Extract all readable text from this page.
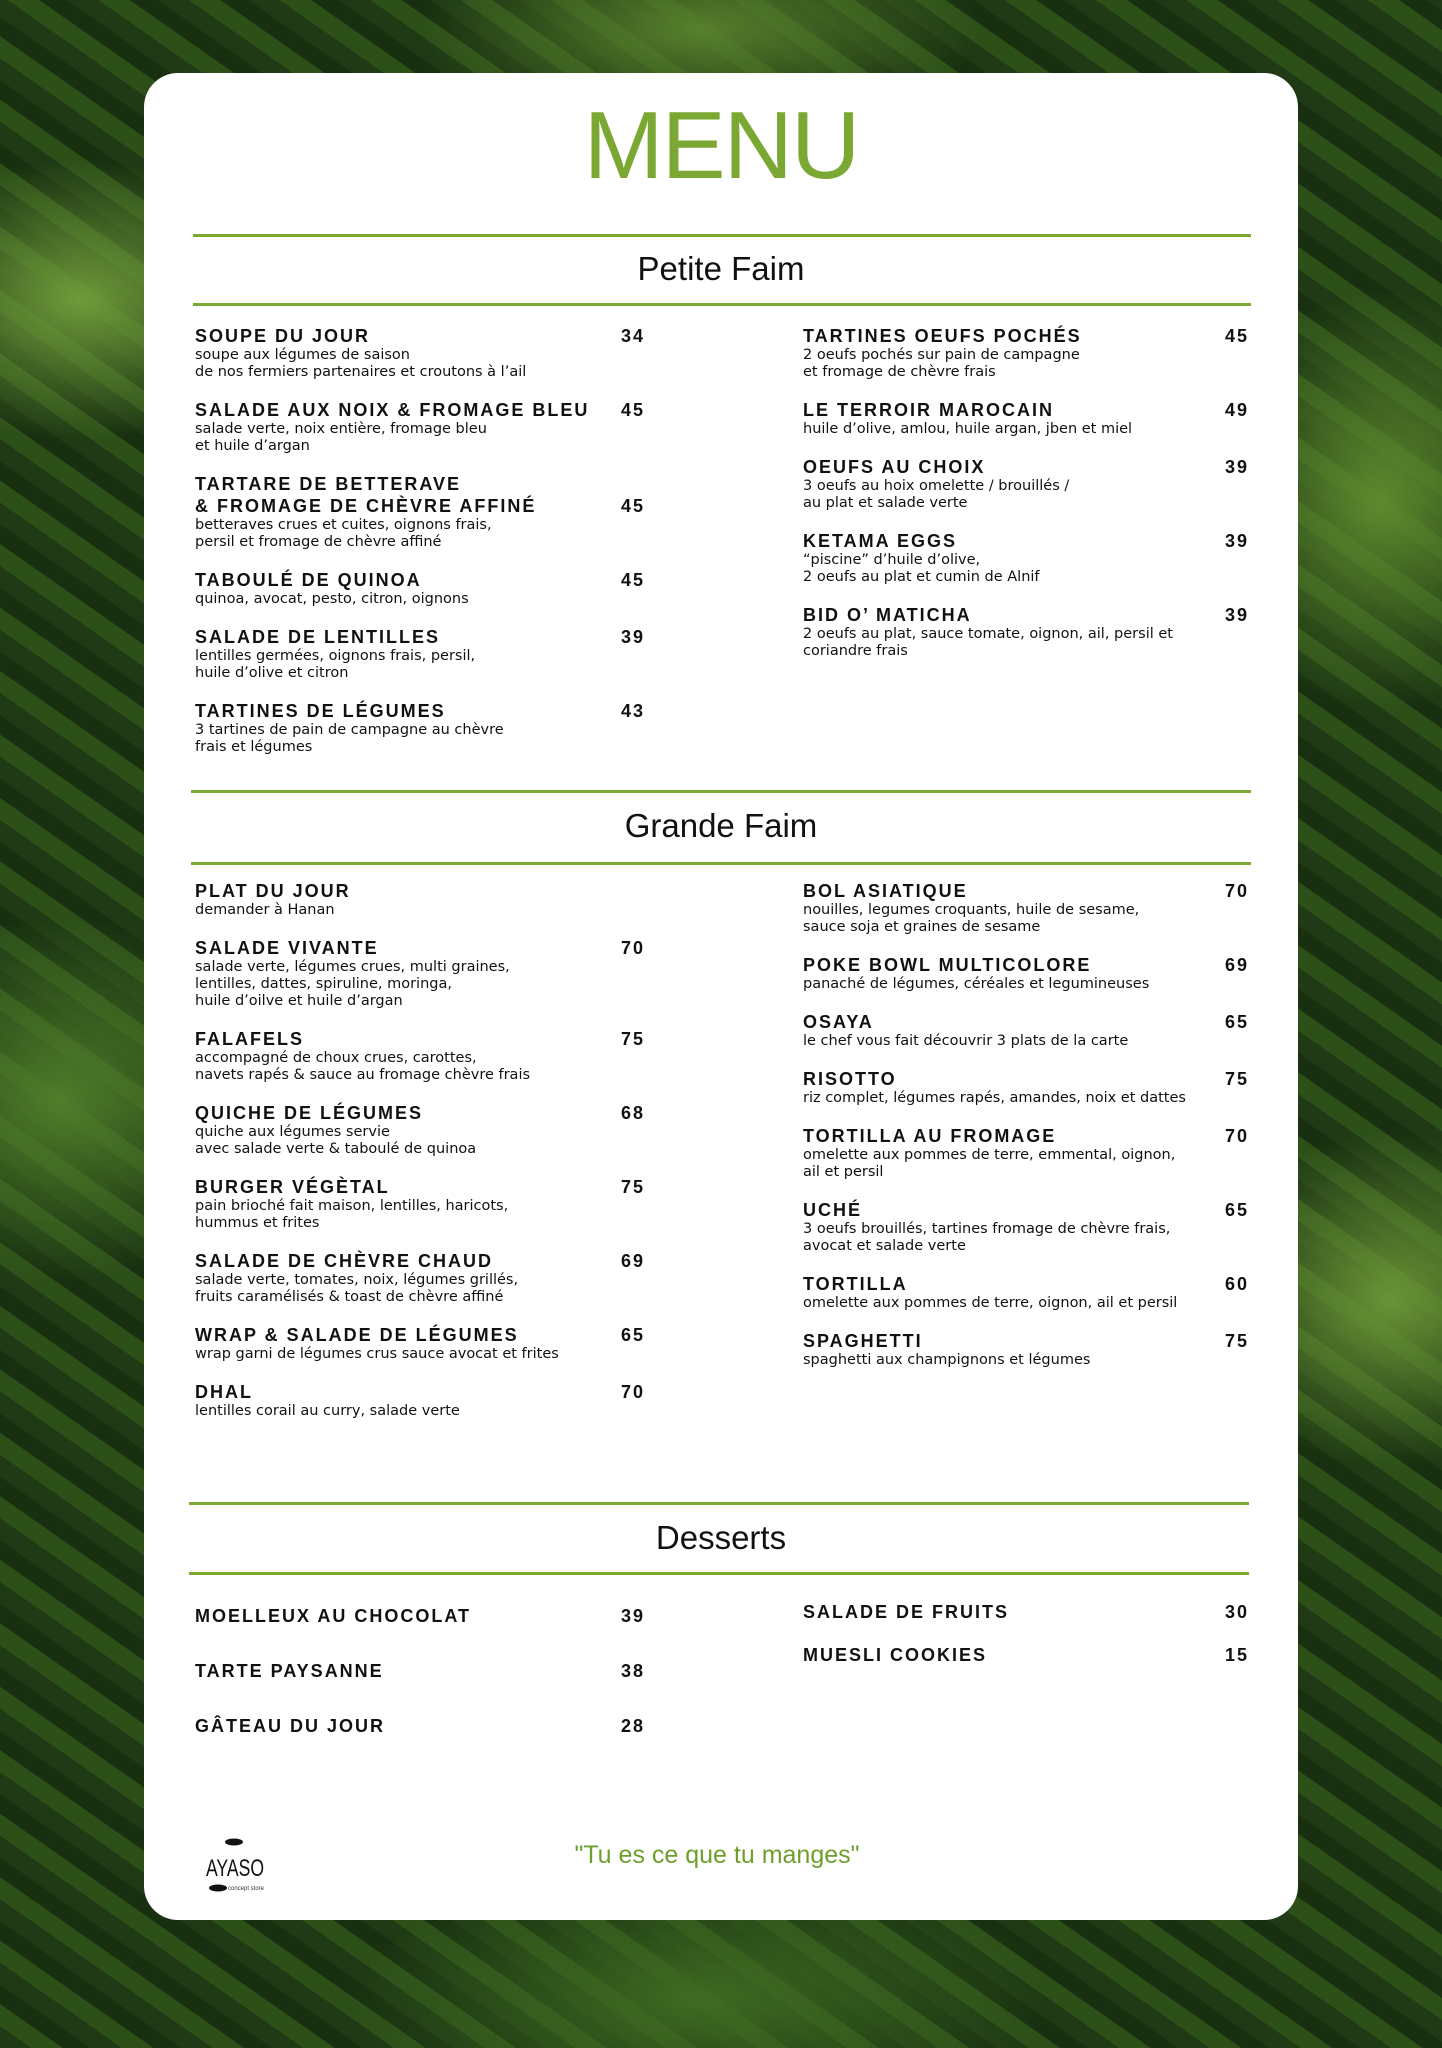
MENU
Petite Faim
SOUPE DU JOUR	34
soupe aux légumes de saison
de nos fermiers partenaires et croutons à l’ail
SALADE AUX NOIX & FROMAGE BLEU	45
salade verte, noix entière, fromage bleu
et huile d’argan
TARTARE DE BETTERAVE
& FROMAGE DE CHÈVRE AFFINÉ	45
betteraves crues et cuites, oignons frais,
persil et fromage de chèvre affiné
TABOULÉ DE QUINOA	45
quinoa, avocat, pesto, citron, oignons
SALADE DE LENTILLES	39
lentilles germées, oignons frais, persil,
huile d’olive et citron
TARTINES DE LÉGUMES	43
3 tartines de pain de campagne au chèvre
frais et légumes
TARTINES OEUFS POCHÉS	45
2 oeufs pochés sur pain de campagne
et fromage de chèvre frais
LE TERROIR MAROCAIN	49
huile d’olive, amlou, huile argan, jben et miel
OEUFS AU CHOIX	39
3 oeufs au hoix omelette / brouillés /
au plat et salade verte
KETAMA EGGS	39
“piscine” d’huile d’olive,
2 oeufs au plat et cumin de Alnif
BID O’ MATICHA	39
2 oeufs au plat, sauce tomate, oignon, ail, persil et
coriandre frais
Grande Faim
PLAT DU JOUR
demander à Hanan
SALADE VIVANTE	70
salade verte, légumes crues, multi graines,
lentilles, dattes, spiruline, moringa,
huile d’oilve et huile d’argan
FALAFELS	75
accompagné de choux crues, carottes,
navets rapés & sauce au fromage chèvre frais
QUICHE DE LÉGUMES	68
quiche aux légumes servie
avec salade verte & taboulé de quinoa
BURGER VÉGÈTAL	75
pain brioché fait maison, lentilles, haricots,
hummus et frites
SALADE DE CHÈVRE CHAUD	69
salade verte, tomates, noix, légumes grillés,
fruits caramélisés & toast de chèvre affiné
WRAP & SALADE DE LÉGUMES	65
wrap garni de légumes crus sauce avocat et frites
DHAL	70
lentilles corail au curry, salade verte
BOL ASIATIQUE	70
nouilles, legumes croquants, huile de sesame,
sauce soja et graines de sesame
POKE BOWL MULTICOLORE	69
panaché de légumes, céréales et legumineuses
OSAYA	65
le chef vous fait découvrir 3 plats de la carte
RISOTTO	75
riz complet, légumes rapés, amandes, noix et dattes
TORTILLA AU FROMAGE	70
omelette aux pommes de terre, emmental, oignon,
ail et persil
UCHÉ	65
3 oeufs brouillés, tartines fromage de chèvre frais,
avocat et salade verte
TORTILLA	60
omelette aux pommes de terre, oignon, ail et persil
SPAGHETTI	75
spaghetti aux champignons et légumes
Desserts
MOELLEUX AU CHOCOLAT	39
TARTE PAYSANNE	38
GÂTEAU DU JOUR	28
SALADE DE FRUITS	30
MUESLI COOKIES	15
AYASO
concept store
"Tu es ce que tu manges"
